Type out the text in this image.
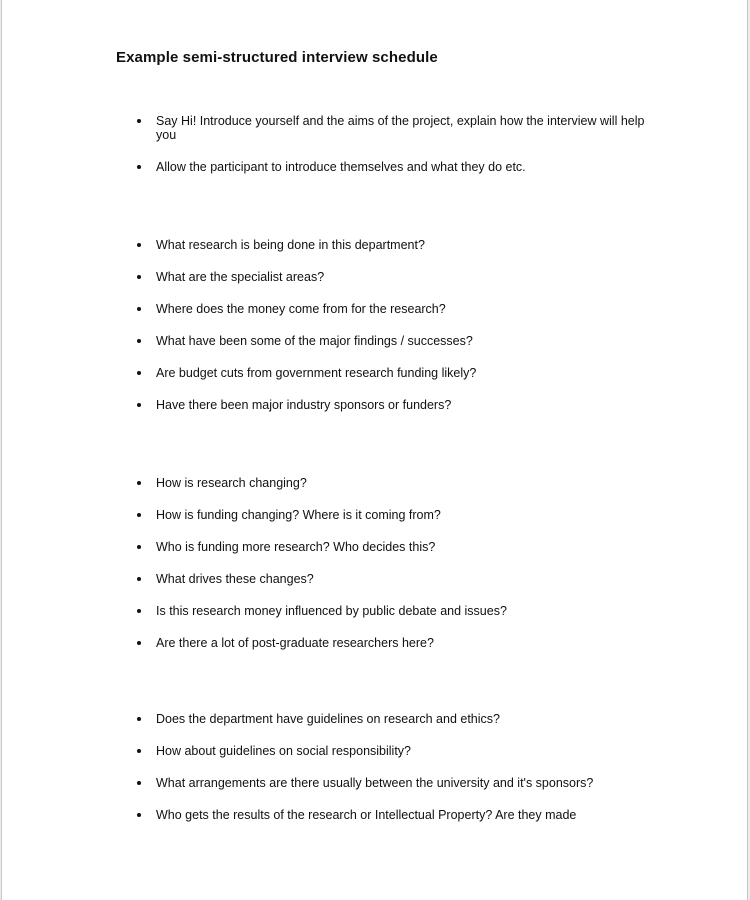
Example semi-structured interview schedule
Say Hi! Introduce yourself and the aims of the project, explain how the interview will help you
Allow the participant to introduce themselves and what they do etc.
What research is being done in this department?
What are the specialist areas?
Where does the money come from for the research?
What have been some of the major findings / successes?
Are budget cuts from government research funding likely?
Have there been major industry sponsors or funders?
How is research changing?
How is funding changing? Where is it coming from?
Who is funding more research? Who decides this?
What drives these changes?
Is this research money influenced by public debate and issues?
Are there a lot of post-graduate researchers here?
Does the department have guidelines on research and ethics?
How about guidelines on social responsibility?
What arrangements are there usually between the university and it's sponsors?
Who gets the results of the research or Intellectual Property? Are they made
